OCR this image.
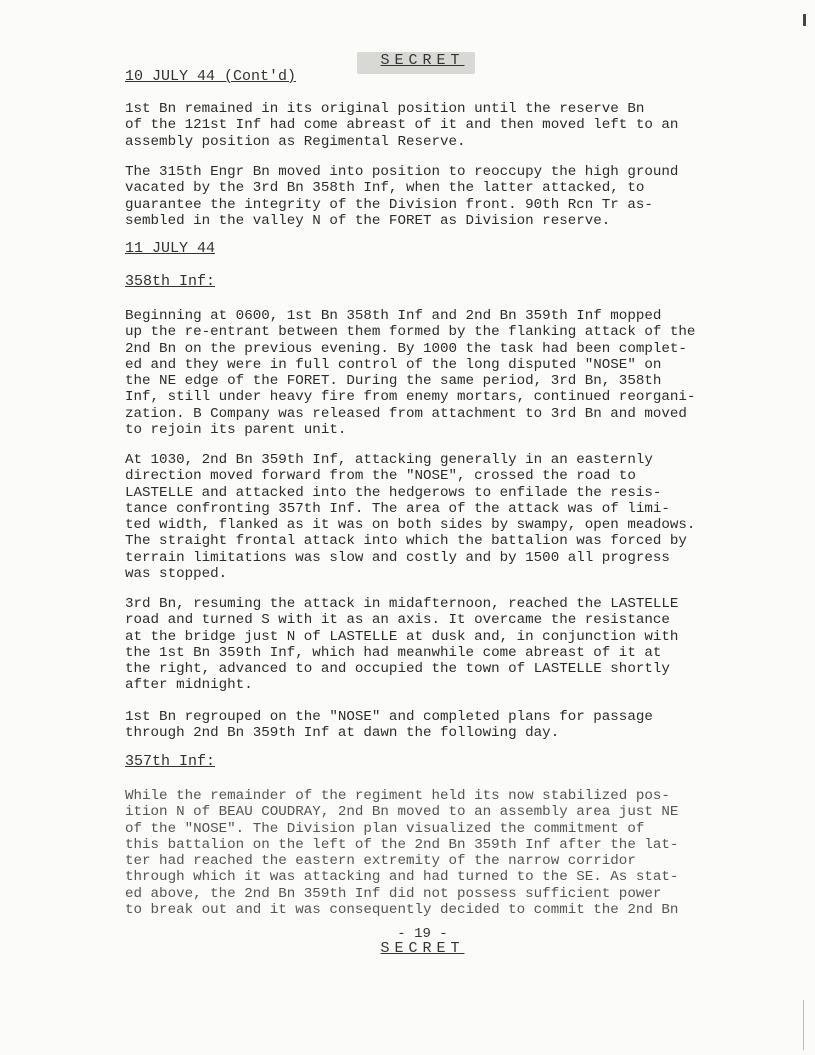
SECRET
10 JULY 44 (Cont'd)
1st Bn remained in its original position until the reserve Bn
of the 121st Inf had come abreast of it and then moved left to an
assembly position as Regimental Reserve.
The 315th Engr Bn moved into position to reoccupy the high ground
vacated by the 3rd Bn 358th Inf, when the latter attacked, to
guarantee the integrity of the Division front. 90th Rcn Tr as-
sembled in the valley N of the FORET as Division reserve.
11 JULY 44
358th Inf:
Beginning at 0600, 1st Bn 358th Inf and 2nd Bn 359th Inf mopped
up the re-entrant between them formed by the flanking attack of the
2nd Bn on the previous evening. By 1000 the task had been complet-
ed and they were in full control of the long disputed "NOSE" on
the NE edge of the FORET. During the same period, 3rd Bn, 358th
Inf, still under heavy fire from enemy mortars, continued reorgani-
zation. B Company was released from attachment to 3rd Bn and moved
to rejoin its parent unit.
At 1030, 2nd Bn 359th Inf, attacking generally in an easternly
direction moved forward from the "NOSE", crossed the road to
LASTELLE and attacked into the hedgerows to enfilade the resis-
tance confronting 357th Inf. The area of the attack was of limi-
ted width, flanked as it was on both sides by swampy, open meadows.
The straight frontal attack into which the battalion was forced by
terrain limitations was slow and costly and by 1500 all progress
was stopped.
3rd Bn, resuming the attack in midafternoon, reached the LASTELLE
road and turned S with it as an axis. It overcame the resistance
at the bridge just N of LASTELLE at dusk and, in conjunction with
the 1st Bn 359th Inf, which had meanwhile come abreast of it at
the right, advanced to and occupied the town of LASTELLE shortly
after midnight.
1st Bn regrouped on the "NOSE" and completed plans for passage
through 2nd Bn 359th Inf at dawn the following day.
357th Inf:
While the remainder of the regiment held its now stabilized pos-
ition N of BEAU COUDRAY, 2nd Bn moved to an assembly area just NE
of the "NOSE". The Division plan visualized the commitment of
this battalion on the left of the 2nd Bn 359th Inf after the lat-
ter had reached the eastern extremity of the narrow corridor
through which it was attacking and had turned to the SE. As stat-
ed above, the 2nd Bn 359th Inf did not possess sufficient power
to break out and it was consequently decided to commit the 2nd Bn
- 19 -
SECRET
